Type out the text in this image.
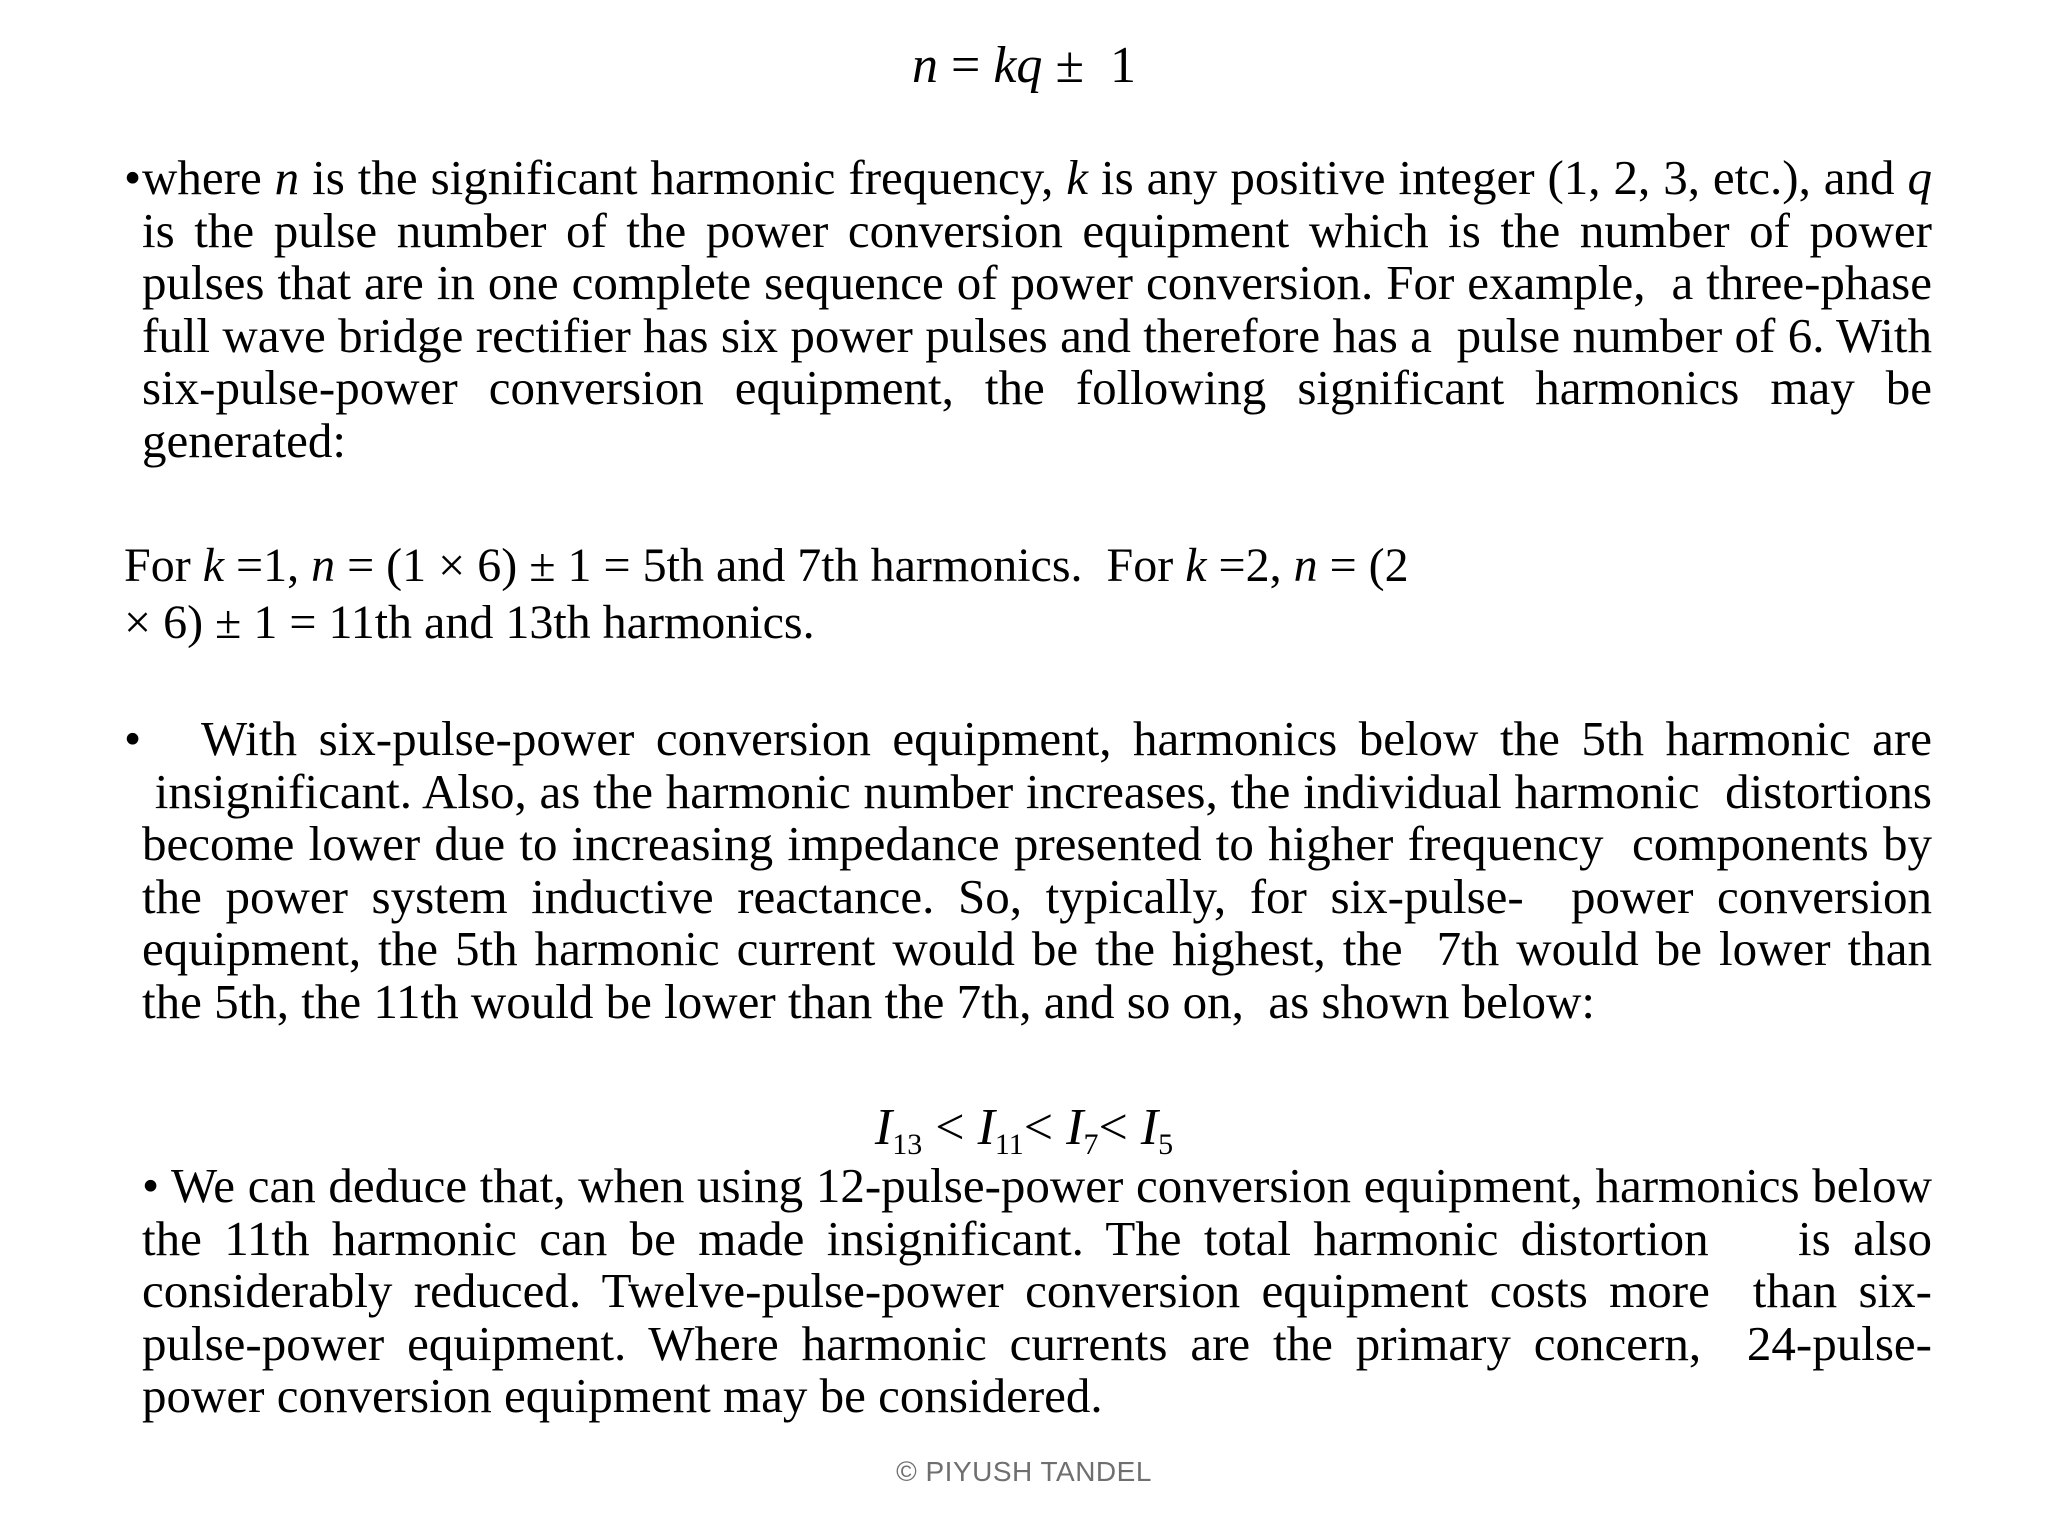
n = kq ±  1
• where n is the significant harmonic frequency, k is any positive integer (1, 2, 3, etc.), and q is the pulse number of the power conversion equipment which is the number of power pulses that are in one complete sequence of power conversion. For example,  a three-phase full wave bridge rectifier has six power pulses and therefore has a  pulse number of 6. With six-pulse-power conversion equipment, the following significant harmonics may be generated:

For k =1, n = (1 × 6) ± 1 = 5th and 7th harmonics.  For k =2, n = (2
× 6) ± 1 = 11th and 13th harmonics.

•	With six-pulse-power conversion equipment, harmonics below the 5th harmonic are  insignificant. Also, as the harmonic number increases, the individual harmonic  distortions become lower due to increasing impedance presented to higher frequency  components by the power system inductive reactance. So, typically, for six-pulse-  power conversion equipment, the 5th harmonic current would be the highest, the  7th would be lower than the 5th, the 11th would be lower than the 7th, and so on,  as shown below:

$I_{13} < I_{11}< I_7< I_5$

• We can deduce that, when using 12-pulse-power conversion equipment, harmonics below the 11th harmonic can be made insignificant. The total harmonic distortion    is also considerably reduced. Twelve-pulse-power conversion equipment costs more  than six-pulse-power equipment. Where harmonic currents are the primary concern,  24-pulse-power conversion equipment may be considered.

© PIYUSH TANDEL
